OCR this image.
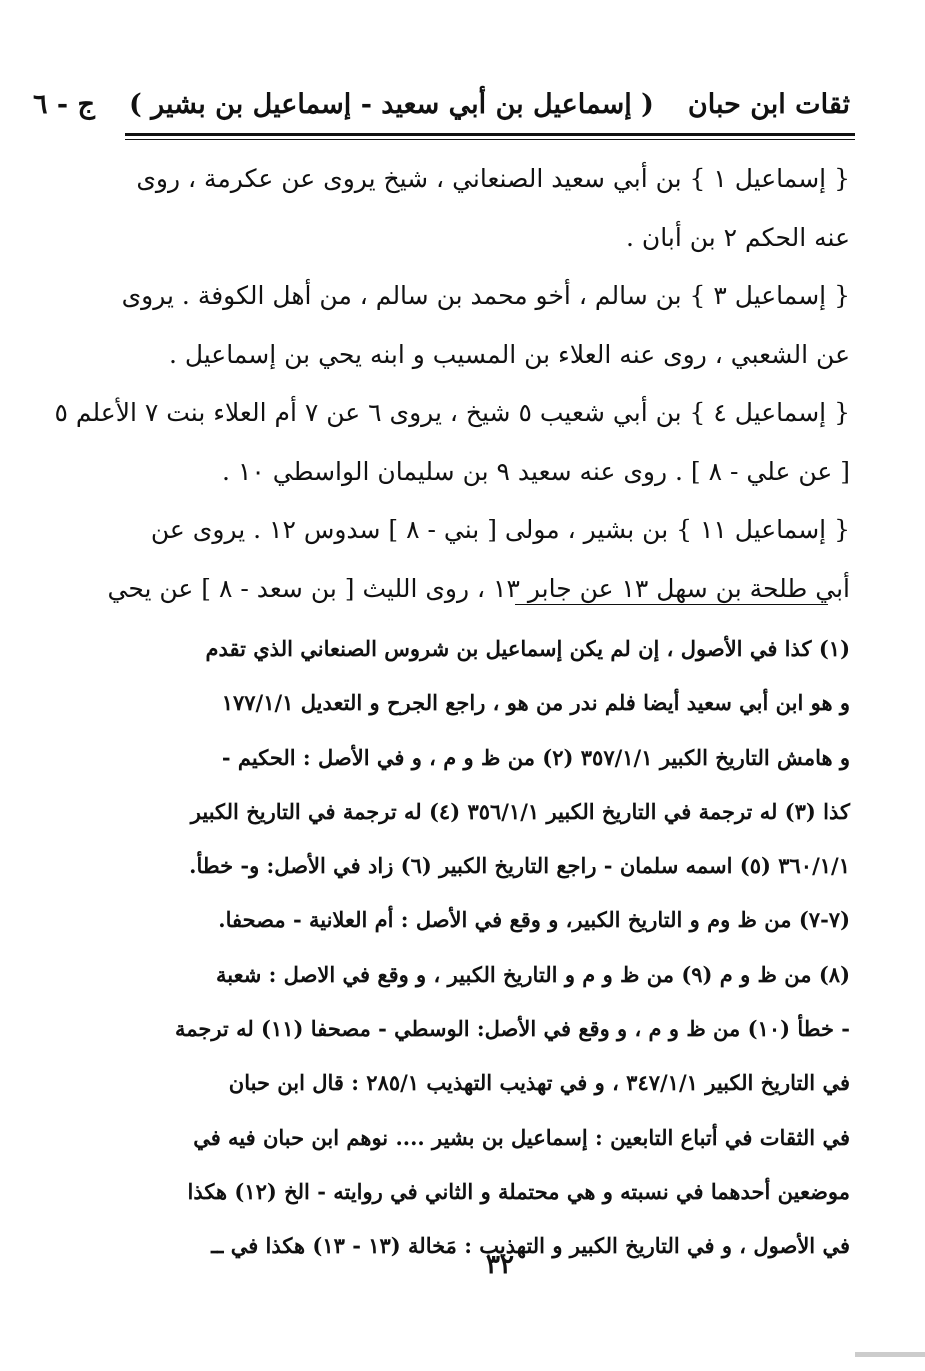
ثقات ابن حبان
( إسماعيل بن أبي سعيد - إسماعيل بن بشير )
ج - ٦
{ إسماعيل ١ } بن أبي سعيد الصنعاني ، شيخ يروى عن عكرمة ، روى
عنه الحكم ٢ بن أبان .
{ إسماعيل ٣ } بن سالم ، أخو محمد بن سالم ، من أهل الكوفة . يروى
عن الشعبي ، روى عنه العلاء بن المسيب و ابنه يحي بن إسماعيل .
{ إسماعيل ٤ } بن أبي شعيب ٥ شيخ ، يروى ٦ عن ٧ أم العلاء بنت ٧ الأعلم ٥
[ عن علي - ٨ ] . روى عنه سعيد ٩ بن سليمان الواسطي ١٠ .
{ إسماعيل ١١ } بن بشير ، مولى [ بني - ٨ ] سدوس ١٢ . يروى عن
أبي طلحة بن سهل ١٣ عن جابر ١٣ ، روى الليث [ بن سعد - ٨ ] عن يحي
(١) كذا في الأصول ، إن لم يكن إسماعيل بن شروس الصنعاني الذي تقدم
و هو ابن أبي سعيد أيضا فلم ندر من هو ، راجع الجرح و التعديل ١٧٧/١/١
و هامش التاريخ الكبير ٣٥٧/١/١ (٢) من ظ و م ، و في الأصل : الحكيم -
كذا (٣) له ترجمة في التاريخ الكبير ٣٥٦/١/١ (٤) له ترجمة في التاريخ الكبير
٣٦٠/١/١ (٥) اسمه سلمان - راجع التاريخ الكبير (٦) زاد في الأصل: و- خطأ.
(٧-٧) من ظ وم و التاريخ الكبير، و وقع في الأصل : أم العلانية - مصحفا.
(٨) من ظ و م (٩) من ظ و م و التاريخ الكبير ، و وقع في الاصل : شعبة
- خطأ (١٠) من ظ و م ، و وقع في الأصل: الوسطي - مصحفا (١١) له ترجمة
في التاريخ الكبير ٣٤٧/١/١ ، و في تهذيب التهذيب ٢٨٥/١ : قال ابن حبان
في الثقات في أتباع التابعين : إسماعيل بن بشير .... نوهم ابن حبان فيه في
موضعين أحدهما في نسبته و هي محتملة و الثاني في روايته - الخ (١٢) هكذا
في الأصول ، و في التاريخ الكبير و التهذيب : مَخالة (١٣ - ١٣) هكذا في ــ
٣٢
